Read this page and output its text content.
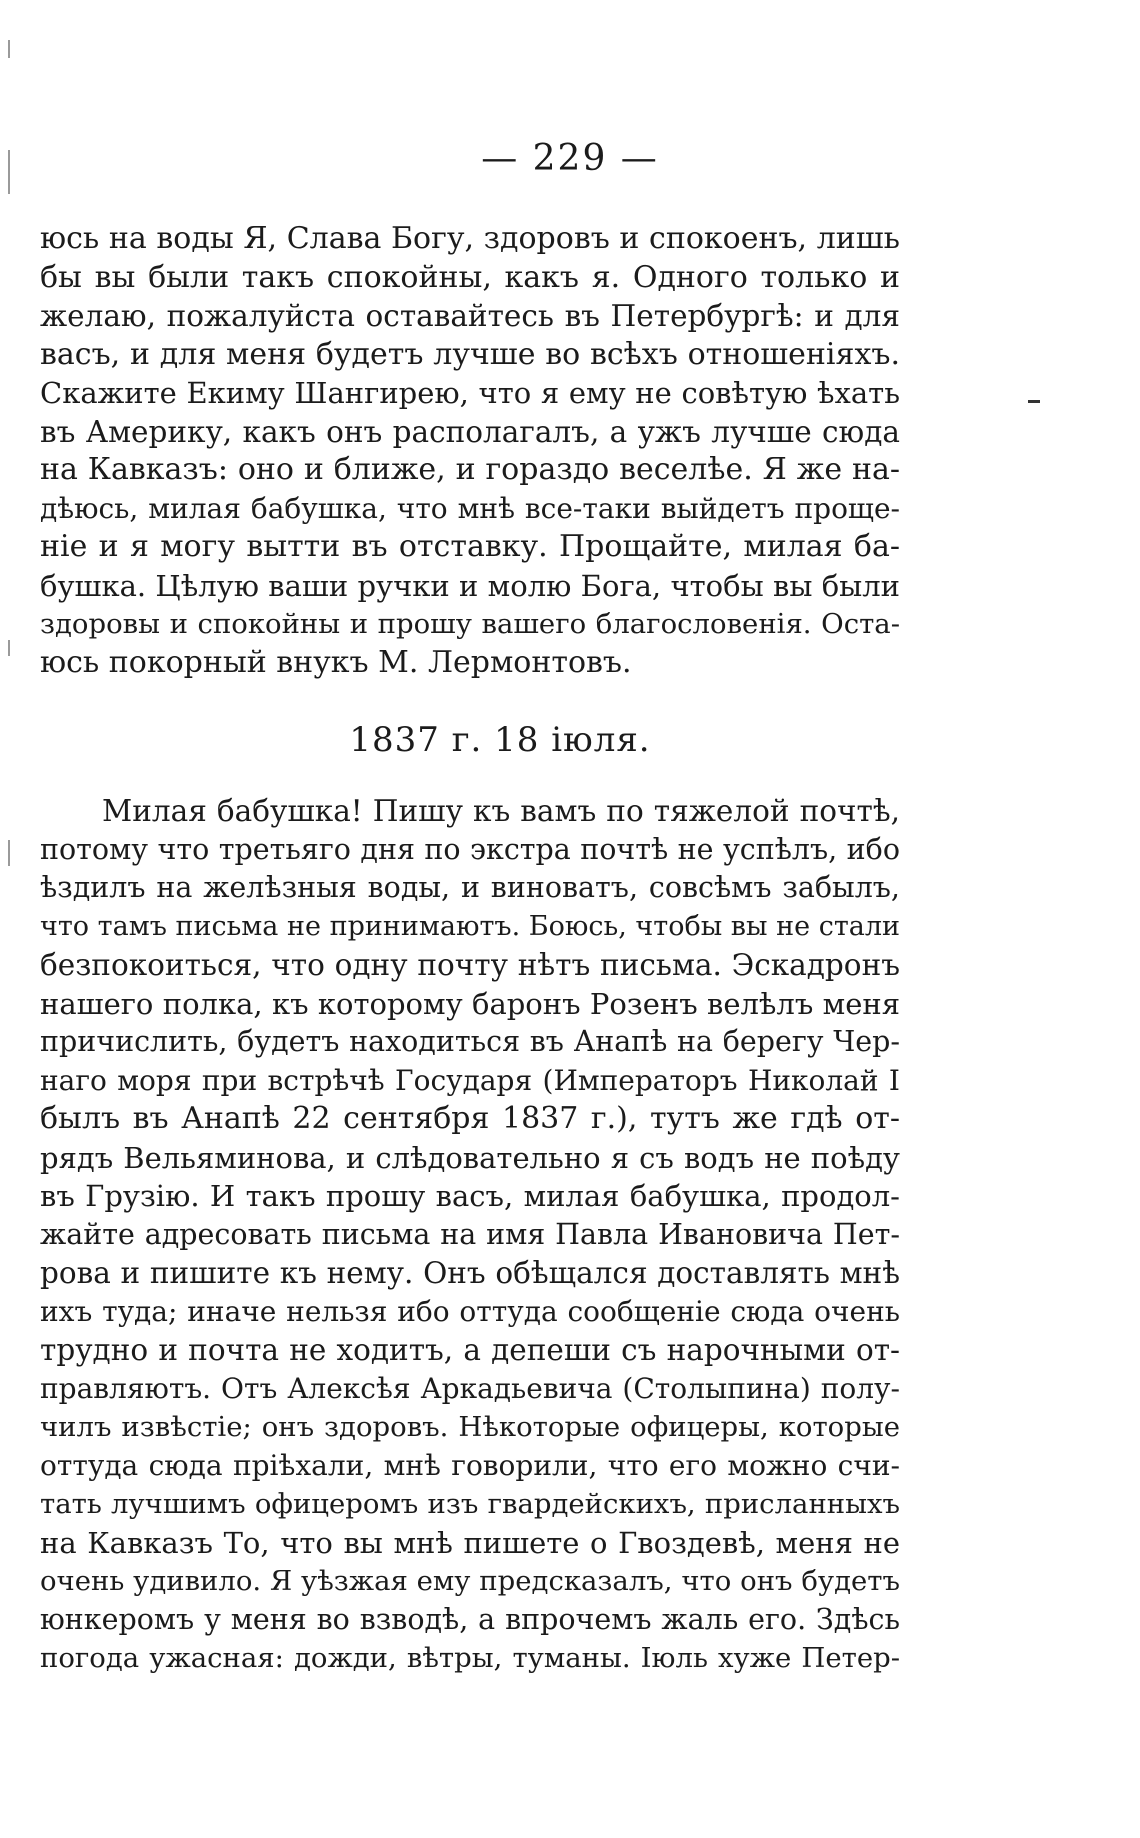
— 229 —
юсь на воды Я, Слава Богу, здоровъ и спокоенъ, лишь
бы вы были такъ спокойны, какъ я. Одного только и
желаю, пожалуйста оставайтесь въ Петербургѣ: и для
васъ, и для меня будетъ лучше во всѣхъ отношеніяхъ.
Скажите Екиму Шангирею, что я ему не совѣтую ѣхать
въ Америку, какъ онъ располагалъ, а ужъ лучше сюда
на Кавказъ: оно и ближе, и гораздо веселѣе. Я же на-
дѣюсь, милая бабушка, что мнѣ все-таки выйдетъ проще-
ніе и я могу вытти въ отставку. Прощайте, милая ба-
бушка. Цѣлую ваши ручки и молю Бога, чтобы вы были
здоровы и спокойны и прошу вашего благословенія. Оста-
юсь покорный внукъ М. Лермонтовъ.
1837 г. 18 іюля.
Милая бабушка! Пишу къ вамъ по тяжелой почтѣ,
потому что третьяго дня по экстра почтѣ не успѣлъ, ибо
ѣздилъ на желѣзныя воды, и виноватъ, совсѣмъ забылъ,
что тамъ письма не принимаютъ. Боюсь, чтобы вы не стали
безпокоиться, что одну почту нѣтъ письма. Эскадронъ
нашего полка, къ которому баронъ Розенъ велѣлъ меня
причислить, будетъ находиться въ Анапѣ на берегу Чер-
наго моря при встрѣчѣ Государя (Императоръ Николай I
былъ въ Анапѣ 22 сентября 1837 г.), тутъ же гдѣ от-
рядъ Вельяминова, и слѣдовательно я съ водъ не поѣду
въ Грузію. И такъ прошу васъ, милая бабушка, продол-
жайте адресовать письма на имя Павла Ивановича Пет-
рова и пишите къ нему. Онъ обѣщался доставлять мнѣ
ихъ туда; иначе нельзя ибо оттуда сообщеніе сюда очень
трудно и почта не ходитъ, а депеши съ нарочными от-
правляютъ. Отъ Алексѣя Аркадьевича (Столыпина) полу-
чилъ извѣстіе; онъ здоровъ. Нѣкоторые офицеры, которые
оттуда сюда пріѣхали, мнѣ говорили, что его можно счи-
тать лучшимъ офицеромъ изъ гвардейскихъ, присланныхъ
на Кавказъ То, что вы мнѣ пишете о Гвоздевѣ, меня не
очень удивило. Я уѣзжая ему предсказалъ, что онъ будетъ
юнкеромъ у меня во взводѣ, а впрочемъ жаль его. Здѣсь
погода ужасная: дожди, вѣтры, туманы. Іюль хуже Петер-
